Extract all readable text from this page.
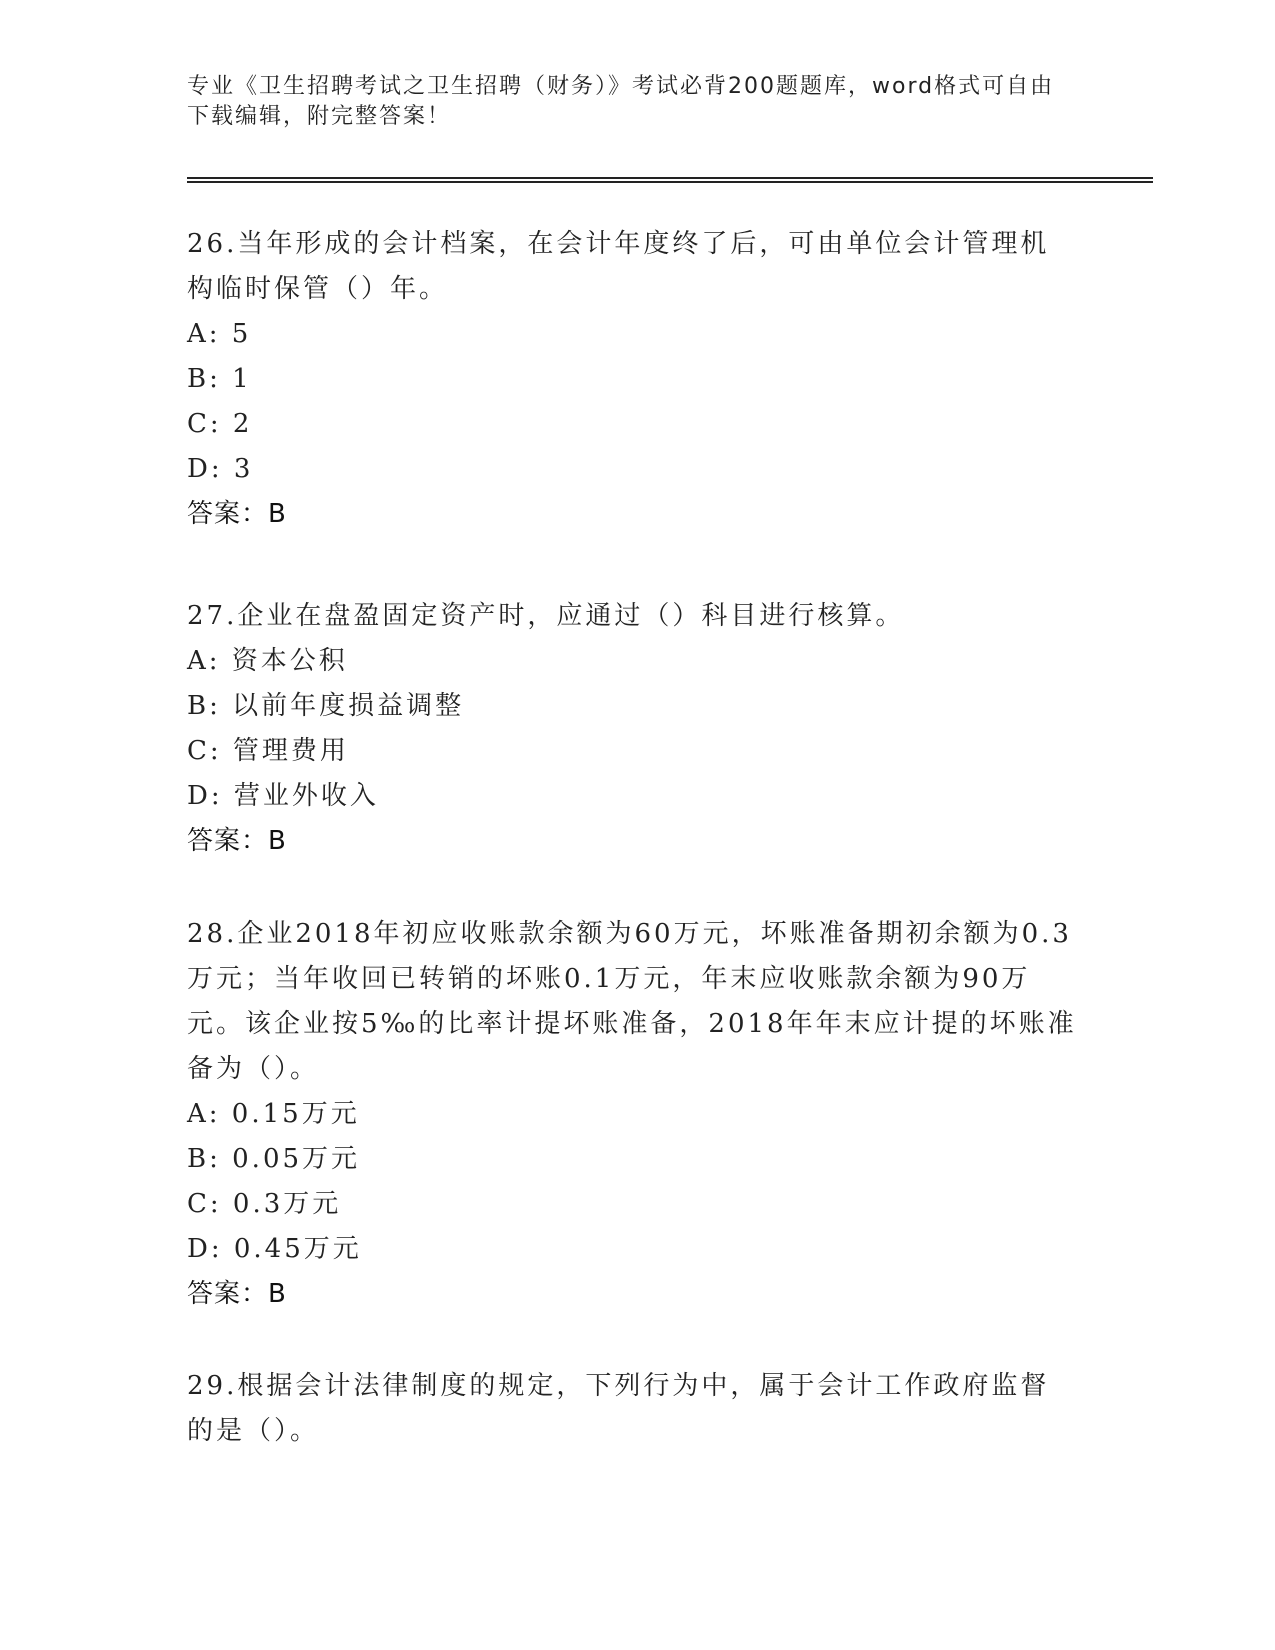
专业《卫生招聘考试之卫生招聘（财务）》考试必背200题题库，word格式可自由下载编辑，附完整答案！

26.当年形成的会计档案，在会计年度终了后，可由单位会计管理机构临时保管（）年。

A: 5

B: 1

C: 2

D: 3

答案：B

27.企业在盘盈固定资产时，应通过（）科目进行核算。

A: 资本公积

B: 以前年度损益调整

C: 管理费用

D: 营业外收入

答案：B

28.企业2018年初应收账款余额为60万元，坏账准备期初余额为0.3万元；当年收回已转销的坏账0.1万元，年末应收账款余额为90万元。该企业按5‰的比率计提坏账准备，2018年年末应计提的坏账准备为（）。

A: 0.15万元

B: 0.05万元

C: 0.3万元

D: 0.45万元

答案：B

29.根据会计法律制度的规定，下列行为中，属于会计工作政府监督的是（）。
